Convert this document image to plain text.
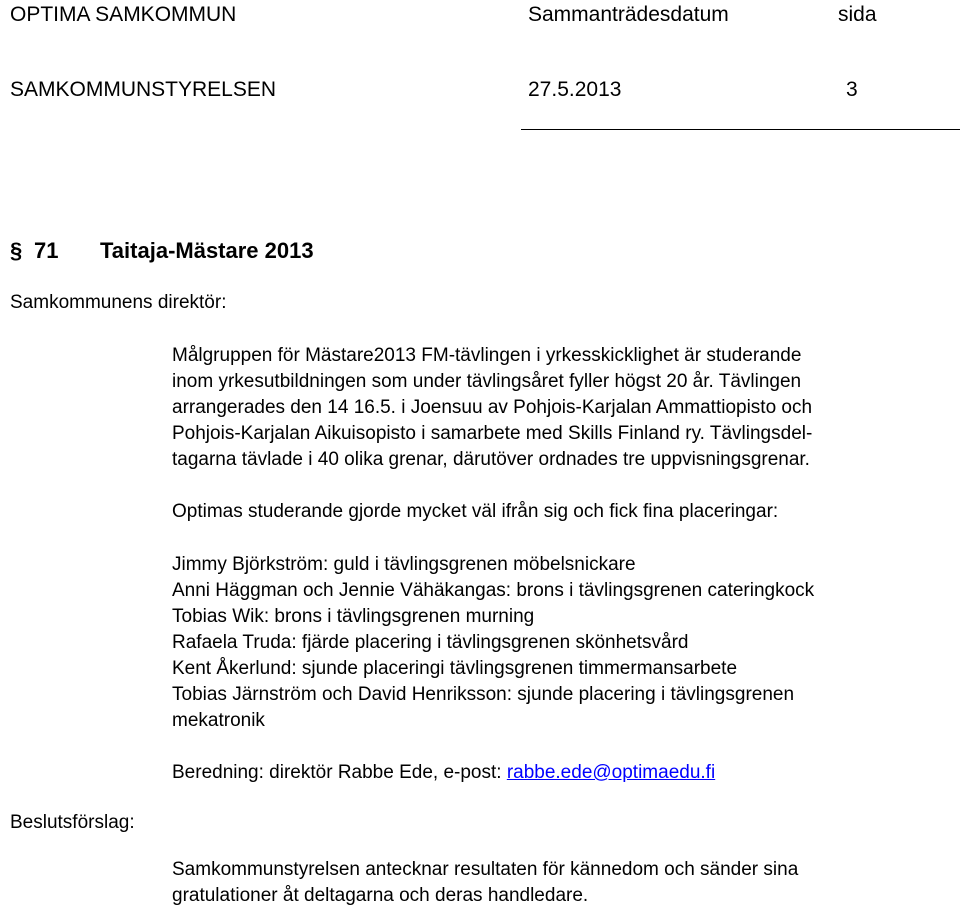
OPTIMA SAMKOMMUN	Sammanträdesdatum	sida
SAMKOMMUNSTYRELSEN	27.5.2013	3
§ 71 Taitaja-Mästare 2013
Samkommunens direktör:
Målgruppen för Mästare2013 FM-tävlingen i yrkesskicklighet är studerande
inom yrkesutbildningen som under tävlingsåret fyller högst 20 år. Tävlingen
arrangerades den 14 16.5. i Joensuu av Pohjois-Karjalan Ammattiopisto och
Pohjois-Karjalan Aikuisopisto i samarbete med Skills Finland ry. Tävlingsdel-
tagarna tävlade i 40 olika grenar, därutöver ordnades tre uppvisningsgrenar.
Optimas studerande gjorde mycket väl ifrån sig och fick fina placeringar:
Jimmy Björkström: guld i tävlingsgrenen möbelsnickare
Anni Häggman och Jennie Vähäkangas: brons i tävlingsgrenen cateringkock
Tobias Wik: brons i tävlingsgrenen murning
Rafaela Truda: fjärde placering i tävlingsgrenen skönhetsvård
Kent Åkerlund: sjunde placeringi tävlingsgrenen timmermansarbete
Tobias Järnström och David Henriksson: sjunde placering i tävlingsgrenen
mekatronik
Beredning: direktör Rabbe Ede, e-post: rabbe.ede@optimaedu.fi
Beslutsförslag:
Samkommunstyrelsen antecknar resultaten för kännedom och sänder sina
gratulationer åt deltagarna och deras handledare.
